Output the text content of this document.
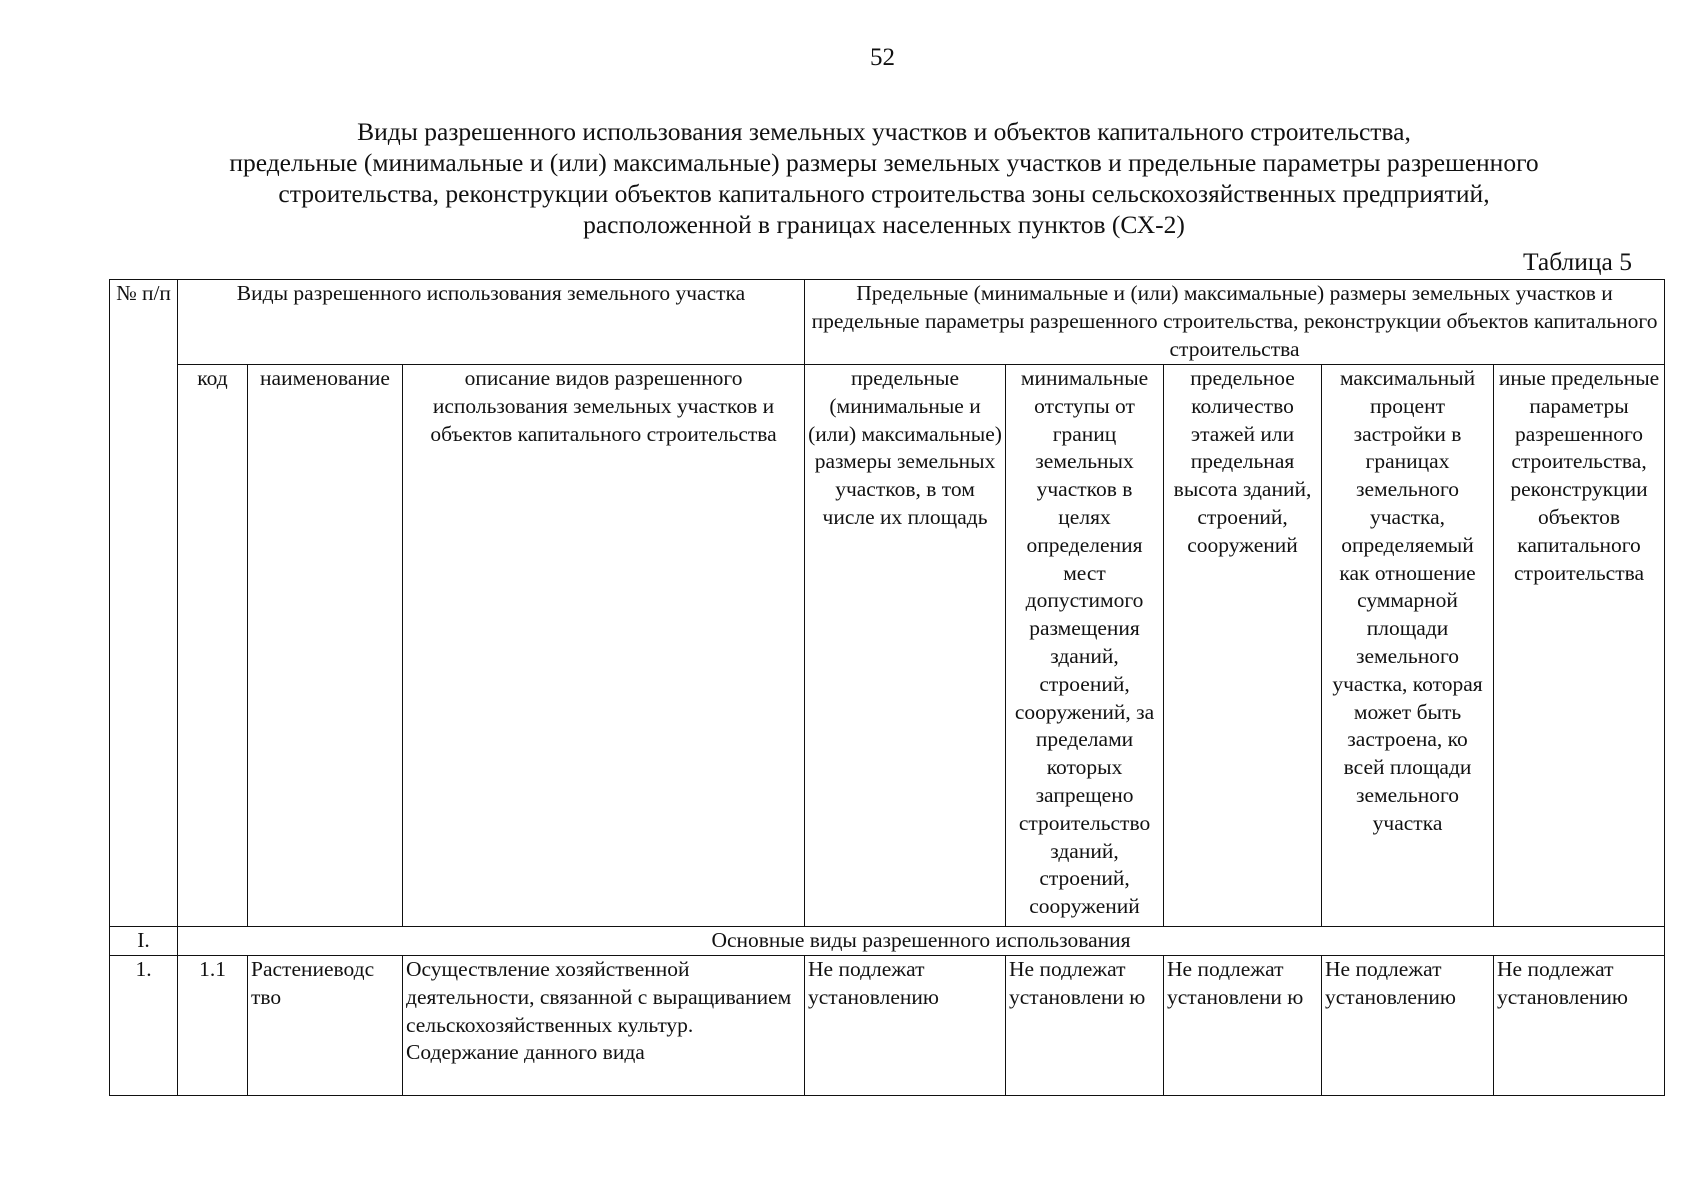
52
Виды разрешенного использования земельных участков и объектов капитального строительства,
предельные (минимальные и (или) максимальные) размеры земельных участков и предельные параметры разрешенного
строительства, реконструкции объектов капитального строительства зоны сельскохозяйственных предприятий,
расположенной в границах населенных пунктов (СХ-2)
Таблица 5
№ п/п	Виды разрешенного использования земельного участка			Предельные (минимальные и (или) максимальные) размеры земельных участков и предельные параметры разрешенного строительства, реконструкции объектов капитального строительства				
	код	наименование	описание видов разрешенного использования земельных участков и объектов капитального строительства	предельные (минимальные и (или) максимальные) размеры земельных участков, в том числе их площадь	минимальные отступы от границ земельных участков в целях определения мест допустимого размещения зданий, строений, сооружений, за пределами которых запрещено строительство зданий, строений, сооружений	предельное количество этажей или предельная высота зданий, строений, сооружений	максимальный процент застройки в границах земельного участка, определяемый как отношение суммарной площади земельного участка, которая может быть застроена, ко всей площади земельного участка	иные предельные параметры разрешенного строительства, реконструкции объектов капитального строительства
I.	Основные виды разрешенного использования							
1.	1.1	Растениеводс тво	Осуществление хозяйственной деятельности, связанной с выращиванием сельскохозяйственных культур. Содержание данного вида	Не подлежат установлению	Не подлежат установлени ю	Не подлежат установлени ю	Не подлежат установлению	Не подлежат установлению
